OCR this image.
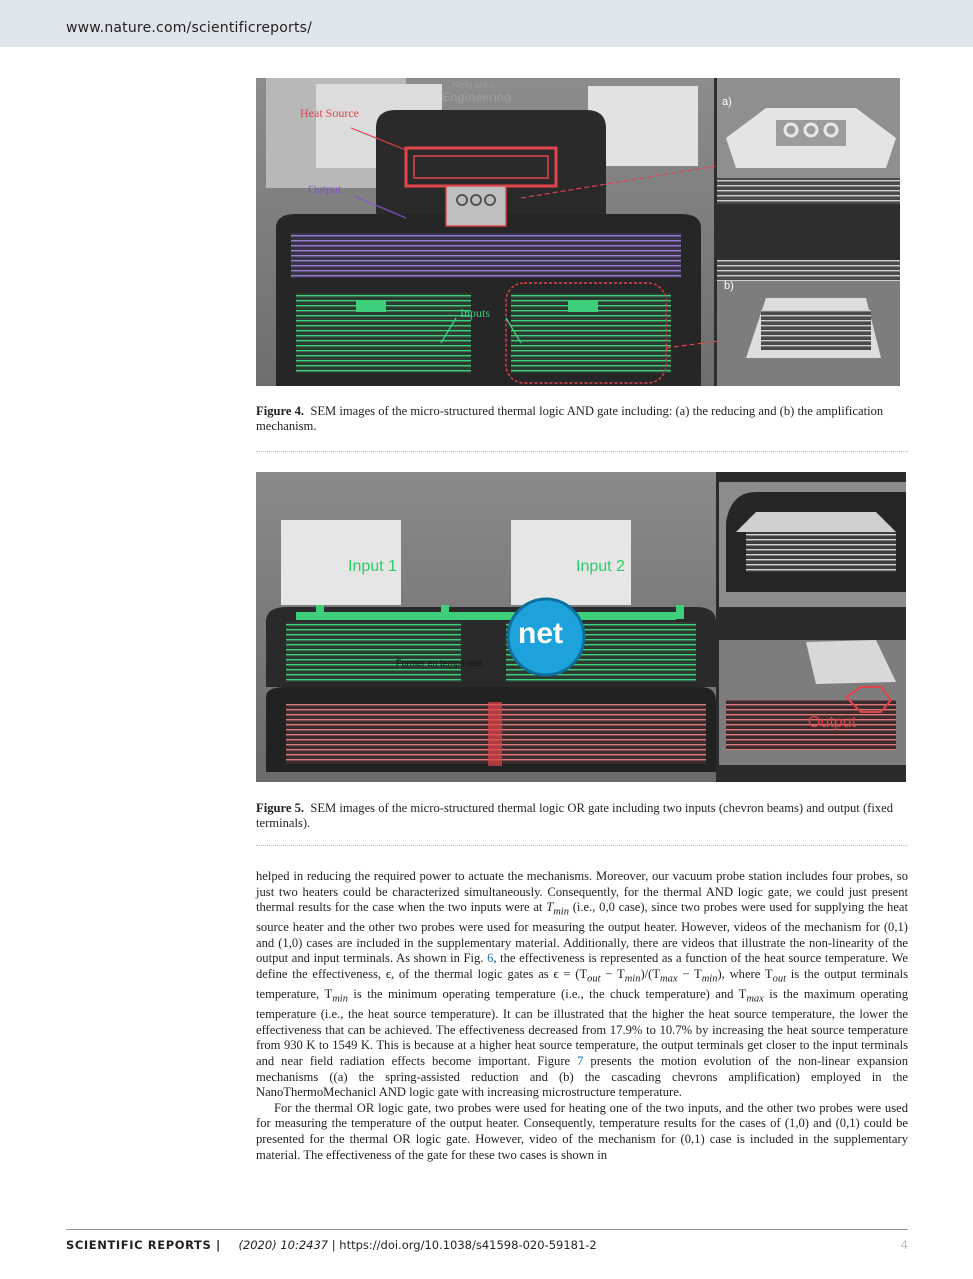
www.nature.com/scientificreports/
Nebraska
Engineering
Heat Source
Output
Inputs
a)
b)
Figure 4. SEM images of the micro-structured thermal logic AND gate including: (a) the reducing and (b) the amplification mechanism.
Input 1	Input 2
Output
net
Former en temps réel
Figure 5. SEM images of the micro-structured thermal logic OR gate including two inputs (chevron beams) and output (fixed terminals).

helped in reducing the required power to actuate the mechanisms. Moreover, our vacuum probe station includes four probes, so just two heaters could be characterized simultaneously. Consequently, for the thermal AND logic gate, we could just present thermal results for the case when the two inputs were at $T_{min}$ (i.e., 0,0 case), since two probes were used for supplying the heat source heater and the other two probes were used for measuring the output heater. However, videos of the mechanism for (0,1) and (1,0) cases are included in the supplementary material. Additionally, there are videos that illustrate the non-linearity of the output and input terminals. As shown in Fig. 6, the effectiveness is represented as a function of the heat source temperature. We define the effectiveness, ϵ, of the thermal logic gates as $\epsilon = (T_{out} - T_{min})/(T_{max} - T_{min})$, where $T_{out}$ is the output terminals temperature, $T_{min}$ is the minimum operating temperature (i.e., the chuck temperature) and $T_{max}$ is the maximum operating temperature (i.e., the heat source temperature). It can be illustrated that the higher the heat source temperature, the lower the effectiveness that can be achieved. The effectiveness decreased from 17.9% to 10.7% by increasing the heat source temperature from 930 K to 1549 K. This is because at a higher heat source temperature, the output terminals get closer to the input terminals and near field radiation effects become important. Figure 7 presents the motion evolution of the non-linear expansion mechanisms ((a) the spring-assisted reduction and (b) the cascading chevrons amplification) employed in the NanoThermoMechanicl AND logic gate with increasing microstructure temperature.

For the thermal OR logic gate, two probes were used for heating one of the two inputs, and the other two probes were used for measuring the temperature of the output heater. Consequently, temperature results for the cases of (1,0) and (0,1) could be presented for the thermal OR logic gate. However, video of the mechanism for (0,1) case is included in the supplementary material. The effectiveness of the gate for these two cases is shown in

SCIENTIFIC REPORTS | (2020) 10:2437 | https://doi.org/10.1038/s41598-020-59181-2	4
